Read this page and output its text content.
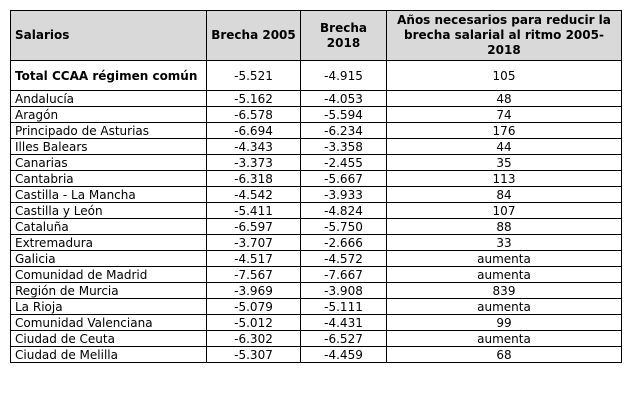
Salarios	Brecha 2005	Brecha 2018	Años necesarios para reducir la brecha salarial al ritmo 2005-2018
Total CCAA régimen común	-5.521	-4.915	105
Andalucía	-5.162	-4.053	48
Aragón	-6.578	-5.594	74
Principado de Asturias	-6.694	-6.234	176
Illes Balears	-4.343	-3.358	44
Canarias	-3.373	-2.455	35
Cantabria	-6.318	-5.667	113
Castilla - La Mancha	-4.542	-3.933	84
Castilla y León	-5.411	-4.824	107
Cataluña	-6.597	-5.750	88
Extremadura	-3.707	-2.666	33
Galicia	-4.517	-4.572	aumenta
Comunidad de Madrid	-7.567	-7.667	aumenta
Región de Murcia	-3.969	-3.908	839
La Rioja	-5.079	-5.111	aumenta
Comunidad Valenciana	-5.012	-4.431	99
Ciudad de Ceuta	-6.302	-6.527	aumenta
Ciudad de Melilla	-5.307	-4.459	68
